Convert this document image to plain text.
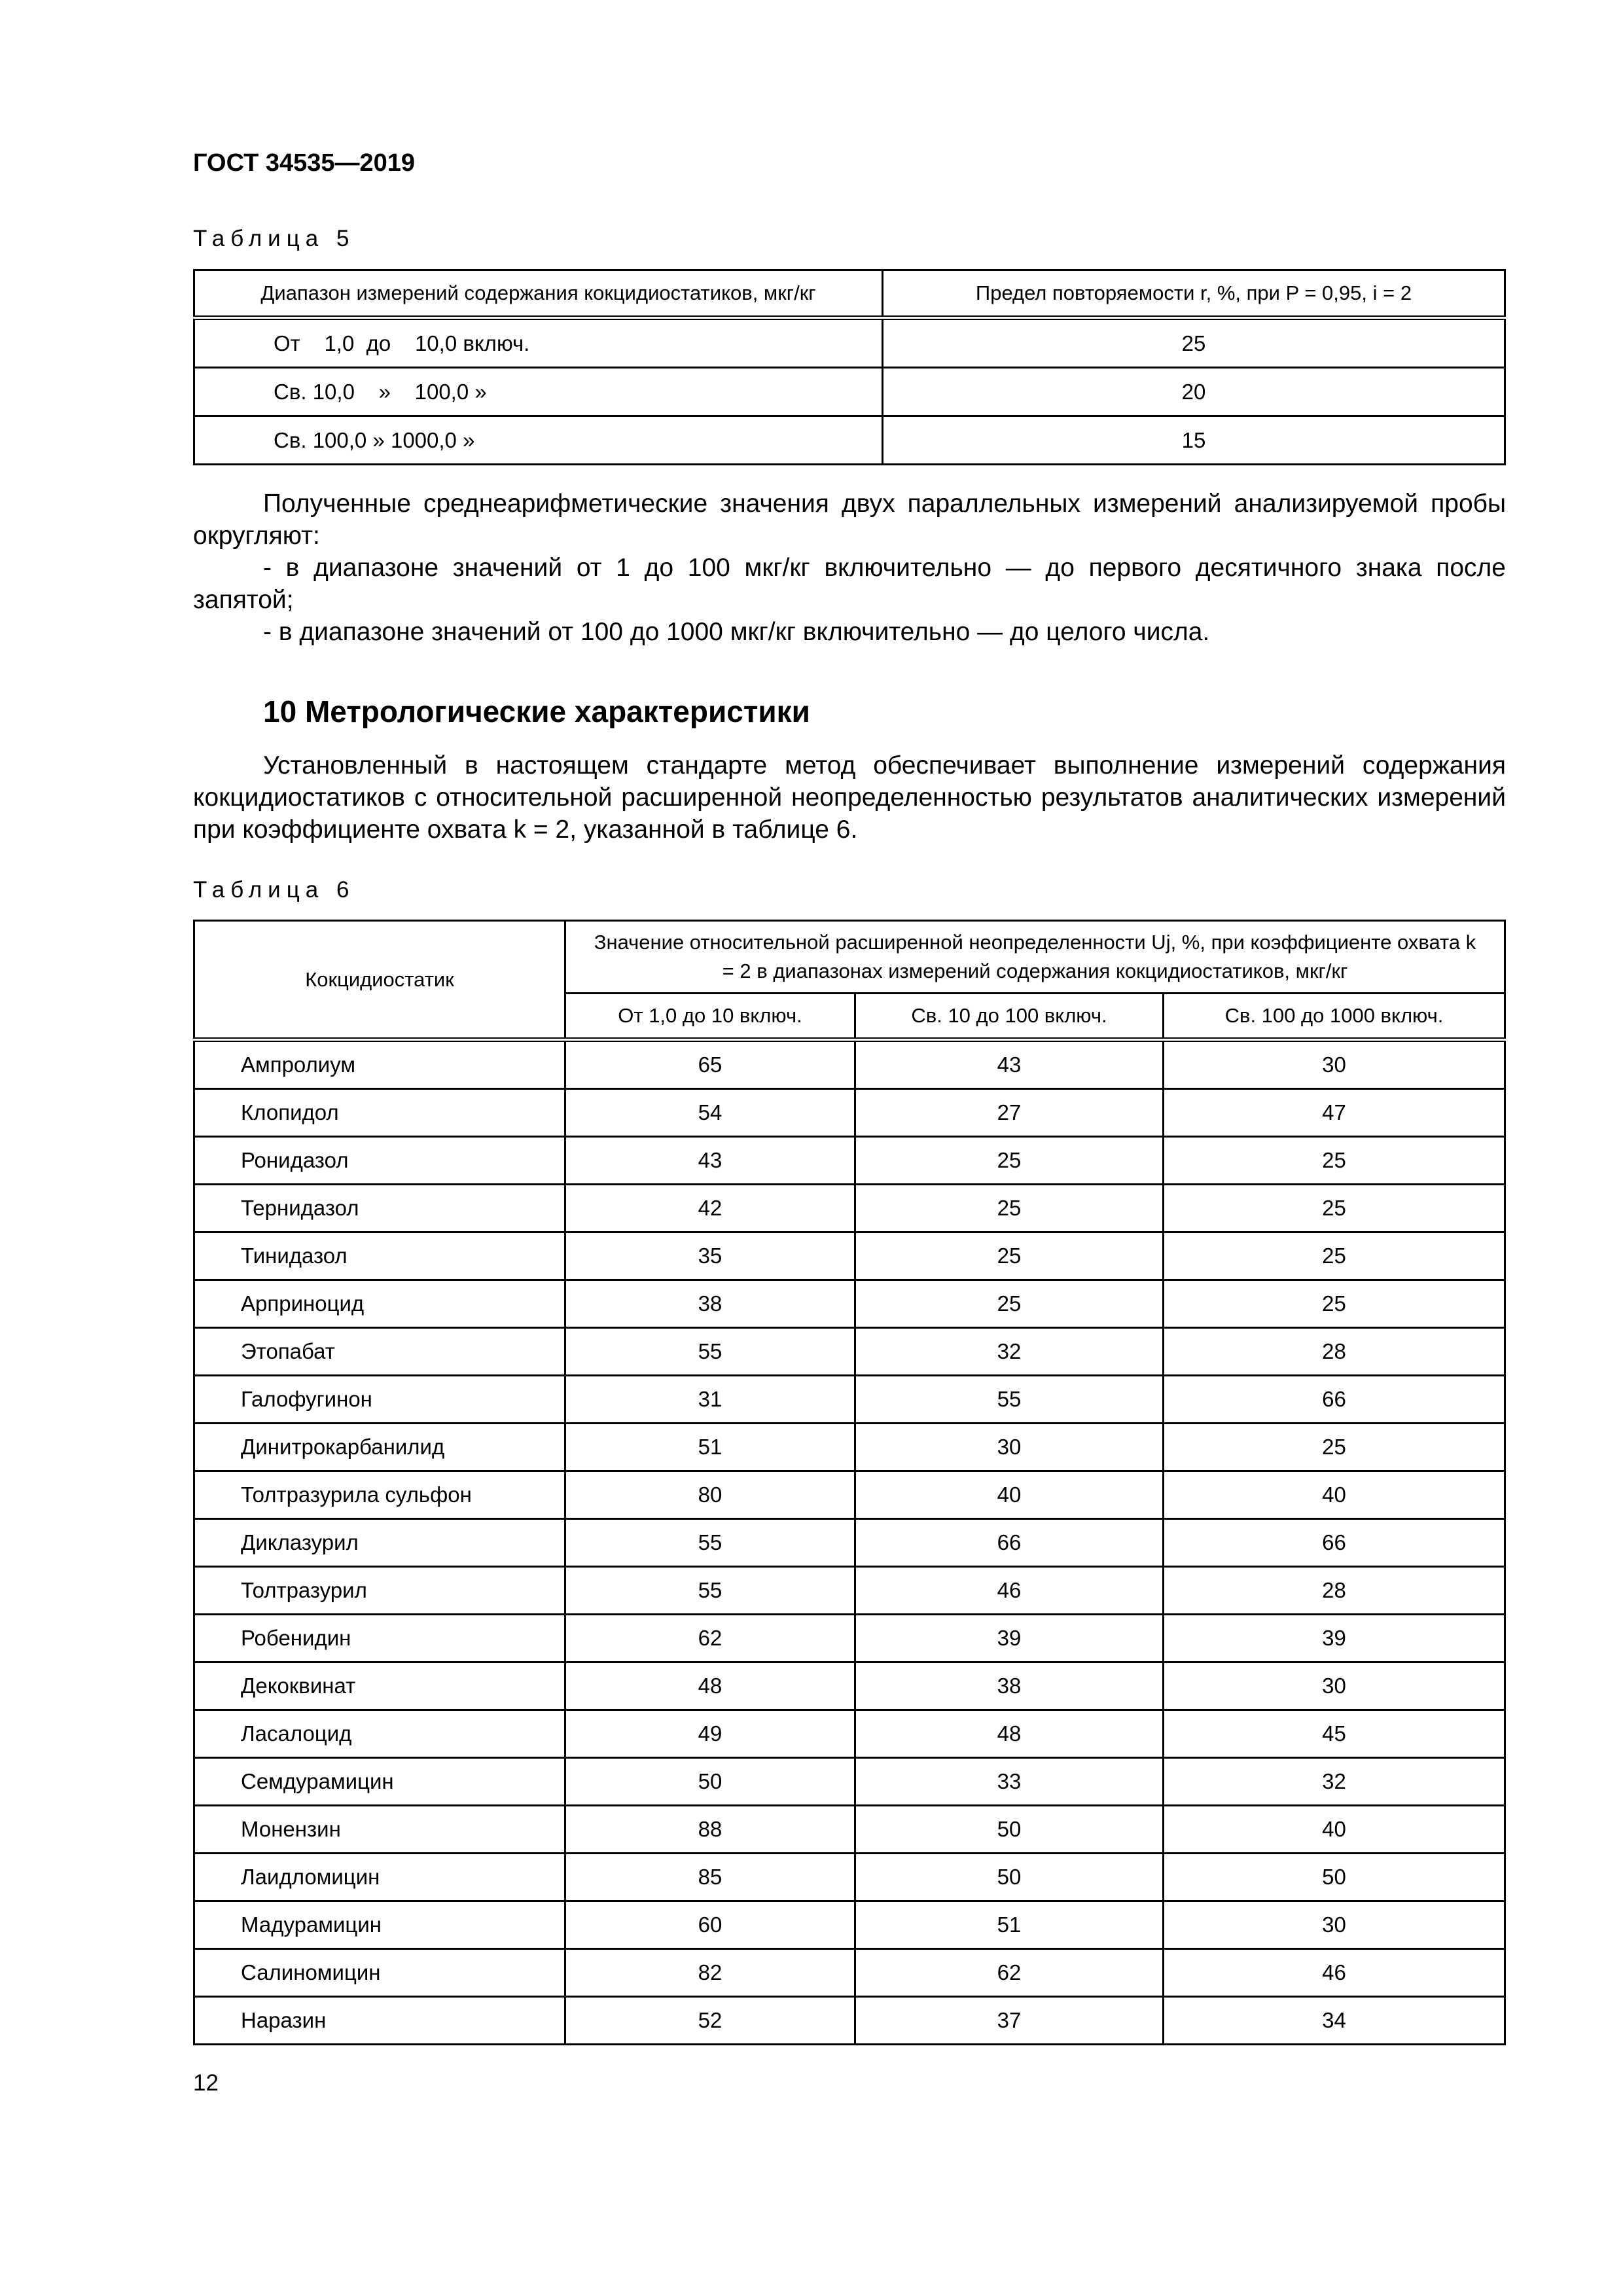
ГОСТ 34535—2019
Таблица 5
Диапазон измерений содержания кокцидиостатиков, мкг/кг	Предел повторяемости r, %, при P = 0,95, i = 2
От    1,0  до    10,0 включ.	25
Св. 10,0    »    100,0 »	20
Св. 100,0 » 1000,0 »	15
Полученные среднеарифметические значения двух параллельных измерений анализируемой пробы округляют:
- в диапазоне значений от 1 до 100 мкг/кг включительно — до первого десятичного знака после запятой;
- в диапазоне значений от 100 до 1000 мкг/кг включительно — до целого числа.
10 Метрологические характеристики
Установленный в настоящем стандарте метод обеспечивает выполнение измерений содержания кокцидиостатиков с относительной расширенной неопределенностью результатов аналитических измерений при коэффициенте охвата k = 2, указанной в таблице 6.
Таблица 6
Кокцидиостатик	Значение относительной расширенной неопределенности Uj, %, при коэффициенте охвата k = 2 в диапазонах измерений содержания кокцидиостатиков, мкг/кг		
	От 1,0 до 10 включ.	Св. 10 до 100 включ.	Св. 100 до 1000 включ.
Ампролиум	65	43	30
Клопидол	54	27	47
Ронидазол	43	25	25
Тернидазол	42	25	25
Тинидазол	35	25	25
Арприноцид	38	25	25
Этопабат	55	32	28
Галофугинон	31	55	66
Динитрокарбанилид	51	30	25
Толтразурила сульфон	80	40	40
Диклазурил	55	66	66
Толтразурил	55	46	28
Робенидин	62	39	39
Декоквинат	48	38	30
Ласалоцид	49	48	45
Семдурамицин	50	33	32
Монензин	88	50	40
Лаидломицин	85	50	50
Мадурамицин	60	51	30
Салиномицин	82	62	46
Наразин	52	37	34
12
